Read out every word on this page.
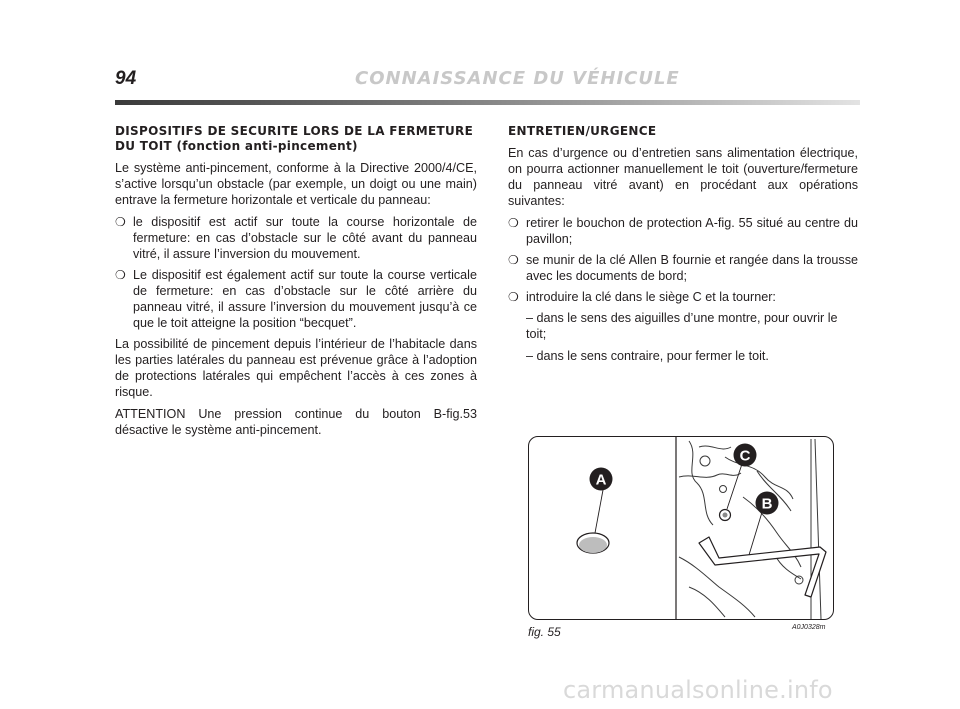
94	CONNAISSANCE DU VÉHICULE
DISPOSITIFS DE SECURITE LORS DE LA FERMETURE DU TOIT (fonction anti-pincement)

Le système anti-pincement, conforme à la Directive 2000/4/CE, s’active lorsqu’un obstacle (par exemple, un doigt ou une main) entrave la fermeture horizontale et verticale du panneau:

❍ le dispositif est actif sur toute la course horizontale de fermeture: en cas d’obstacle sur le côté avant du panneau vitré, il assure l’inversion du mouvement.
❍ Le dispositif est également actif sur toute la course verticale de fermeture: en cas d’obstacle sur le côté arrière du panneau vitré, il assure l’inversion du mouvement jusqu’à ce que le toit atteigne la position “becquet”.

La possibilité de pincement depuis l’intérieur de l’habitacle dans les parties latérales du panneau est prévenue grâce à l’adoption de protections latérales qui empêchent l’accès à ces zones à risque.

ATTENTION Une pression continue du bouton B-fig.53 désactive le système anti-pincement.

ENTRETIEN/URGENCE

En cas d’urgence ou d’entretien sans alimentation électrique, on pourra actionner manuellement le toit (ouverture/fermeture du panneau vitré avant) en procédant aux opérations suivantes:

❍ retirer le bouchon de protection A-fig. 55 situé au centre du pavillon;
❍ se munir de la clé Allen B fournie et rangée dans la trousse avec les documents de bord;
❍ introduire la clé dans le siège C et la tourner:
– dans le sens des aiguilles d’une montre, pour ouvrir le toit;
– dans le sens contraire, pour fermer le toit.
A
C
B
fig. 55	A0J0328m
carmanualsonline.info
